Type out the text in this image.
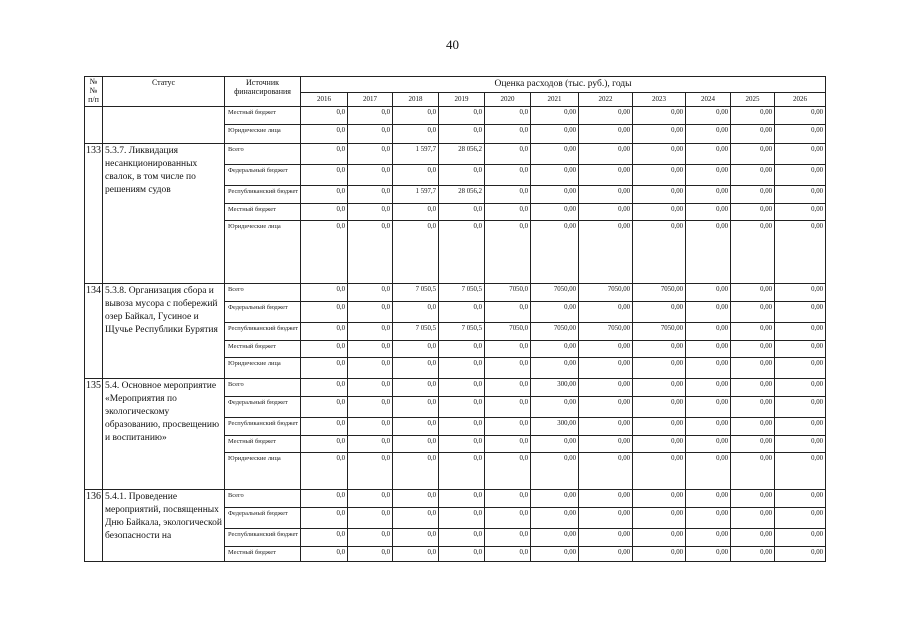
40
№
№
п/п	Статус	Источник финансирования	Оценка расходов (тыс. руб.), годы										
			2016	2017	2018	2019	2020	2021	2022	2023	2024	2025	2026
		Местный бюджет	0,0	0,0	0,0	0,0	0,0	0,00	0,00	0,00	0,00	0,00	0,00
		Юридические лица	0,0	0,0	0,0	0,0	0,0	0,00	0,00	0,00	0,00	0,00	0,00
133	5.3.7. Ликвидация несанкционированных свалок, в том числе по решениям судов	Всего	0,0	0,0	1 597,7	28 056,2	0,0	0,00	0,00	0,00	0,00	0,00	0,00
		Федеральный бюджет	0,0	0,0	0,0	0,0	0,0	0,00	0,00	0,00	0,00	0,00	0,00
		Республиканский бюджет	0,0	0,0	1 597,7	28 056,2	0,0	0,00	0,00	0,00	0,00	0,00	0,00
		Местный бюджет	0,0	0,0	0,0	0,0	0,0	0,00	0,00	0,00	0,00	0,00	0,00
		Юридические лица	0,0	0,0	0,0	0,0	0,0	0,00	0,00	0,00	0,00	0,00	0,00
134	5.3.8. Организация сбора и вывоза мусора с побережий озер Байкал, Гусиное и Щучье Республики Бурятия	Всего	0,0	0,0	7 050,5	7 050,5	7050,0	7050,00	7050,00	7050,00	0,00	0,00	0,00
		Федеральный бюджет	0,0	0,0	0,0	0,0	0,0	0,00	0,00	0,00	0,00	0,00	0,00
		Республиканский бюджет	0,0	0,0	7 050,5	7 050,5	7050,0	7050,00	7050,00	7050,00	0,00	0,00	0,00
		Местный бюджет	0,0	0,0	0,0	0,0	0,0	0,00	0,00	0,00	0,00	0,00	0,00
		Юридические лица	0,0	0,0	0,0	0,0	0,0	0,00	0,00	0,00	0,00	0,00	0,00
135	5.4. Основное мероприятие «Мероприятия по экологическому образованию, просвещению и воспитанию»	Всего	0,0	0,0	0,0	0,0	0,0	300,00	0,00	0,00	0,00	0,00	0,00
		Федеральный бюджет	0,0	0,0	0,0	0,0	0,0	0,00	0,00	0,00	0,00	0,00	0,00
		Республиканский бюджет	0,0	0,0	0,0	0,0	0,0	300,00	0,00	0,00	0,00	0,00	0,00
		Местный бюджет	0,0	0,0	0,0	0,0	0,0	0,00	0,00	0,00	0,00	0,00	0,00
		Юридические лица	0,0	0,0	0,0	0,0	0,0	0,00	0,00	0,00	0,00	0,00	0,00
136	5.4.1. Проведение мероприятий, посвященных Дню Байкала, экологической безопасности на	Всего	0,0	0,0	0,0	0,0	0,0	0,00	0,00	0,00	0,00	0,00	0,00
		Федеральный бюджет	0,0	0,0	0,0	0,0	0,0	0,00	0,00	0,00	0,00	0,00	0,00
		Республиканский бюджет	0,0	0,0	0,0	0,0	0,0	0,00	0,00	0,00	0,00	0,00	0,00
		Местный бюджет	0,0	0,0	0,0	0,0	0,0	0,00	0,00	0,00	0,00	0,00	0,00
